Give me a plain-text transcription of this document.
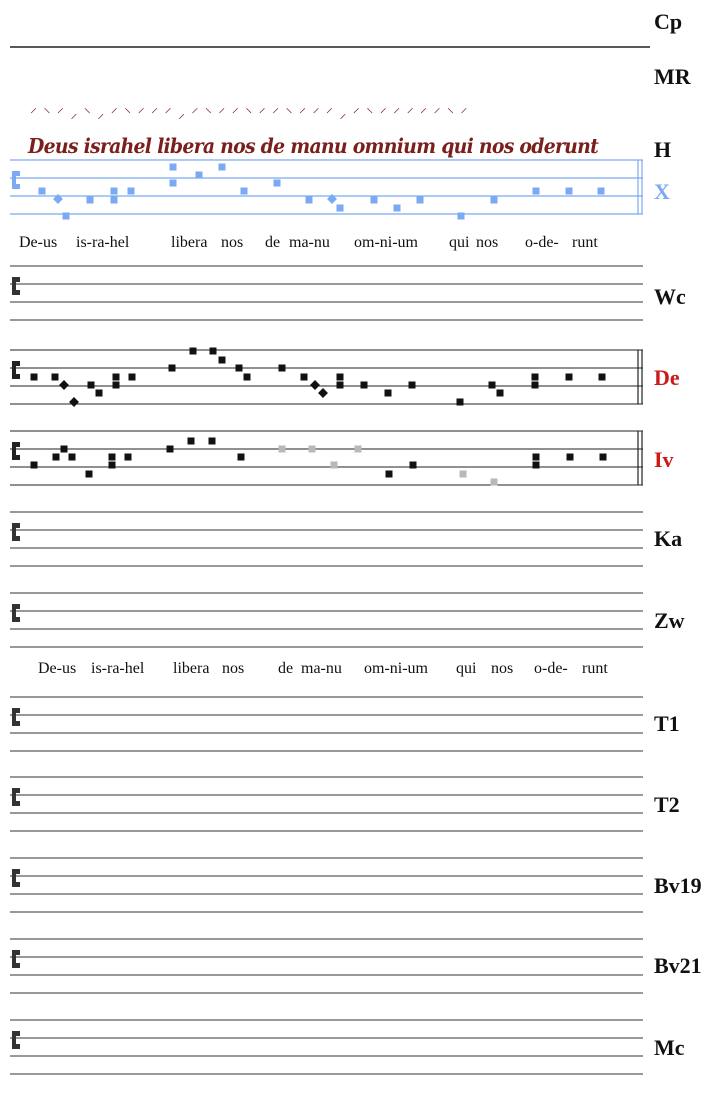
⸍ ⸌ ⸍ ⸝ ⸌ ⸝ ⸍ ⸌ ⸍ ⸍ ⸍ ⸝ ⸍ ⸌ ⸍ ⸍ ⸌ ⸍ ⸍ ⸌ ⸍ ⸍ ⸍ ⸝ ⸍ ⸌ ⸍ ⸍ ⸍ ⸍ ⸍ ⸌ ⸍
Deus israhel libera nos de manu omnium qui nos oderunt
De-us is-ra-hel	libera nos de ma-nu om-ni-um qui nos o-de- runt
De-us is-ra-hel libera nos de ma-nu om-ni-um qui nos o-de- runt
Cp
MR
H
X
Wc
De
Iv
Ka
Zw
T1
T2
Bv19
Bv21
Mc
